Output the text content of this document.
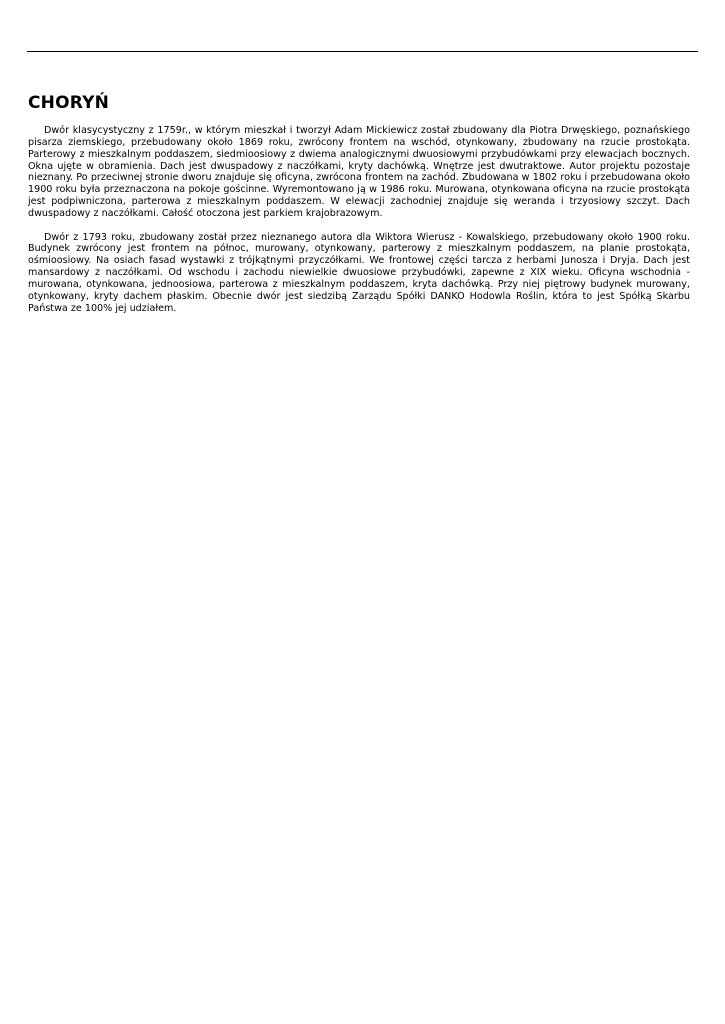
CHORYŃ

Dwór klasycystyczny z 1759r., w którym mieszkał i tworzył Adam Mickiewicz został zbudowany dla Piotra Drwęskiego, poznańskiego pisarza ziemskiego, przebudowany około 1869 roku, zwrócony frontem na wschód, otynkowany, zbudowany na rzucie prostokąta. Parterowy z mieszkalnym poddaszem, siedmioosiowy z dwiema analogicznymi dwuosiowymi przybudówkami przy elewacjach bocznych. Okna ujęte w obramienia. Dach jest dwuspadowy z naczółkami, kryty dachówką. Wnętrze jest dwutraktowe. Autor projektu pozostaje nieznany. Po przeciwnej stronie dworu znajduje się oficyna, zwrócona frontem na zachód. Zbudowana w 1802 roku i przebudowana około 1900 roku była przeznaczona na pokoje gościnne. Wyremontowano ją w 1986 roku. Murowana, otynkowana oficyna na rzucie prostokąta jest podpiwniczona, parterowa z mieszkalnym poddaszem. W elewacji zachodniej znajduje się weranda i trzyosiowy szczyt. Dach dwuspadowy z naczółkami. Całość otoczona jest parkiem krajobrazowym.

Dwór z 1793 roku, zbudowany został przez nieznanego autora dla Wiktora Wierusz - Kowalskiego, przebudowany około 1900 roku. Budynek zwrócony jest frontem na północ, murowany, otynkowany, parterowy z mieszkalnym poddaszem, na planie prostokąta, ośmioosiowy. Na osiach fasad wystawki z trójkątnymi przyczółkami. We frontowej części tarcza z herbami Junosza i Dryja. Dach jest mansardowy z naczółkami. Od wschodu i zachodu niewielkie dwuosiowe przybudówki, zapewne z XIX wieku. Oficyna wschodnia - murowana, otynkowana, jednoosiowa, parterowa z mieszkalnym poddaszem, kryta dachówką. Przy niej piętrowy budynek murowany, otynkowany, kryty dachem płaskim. Obecnie dwór jest siedzibą Zarządu Spółki DANKO Hodowla Roślin, która to jest Spółką Skarbu Państwa ze 100% jej udziałem.
